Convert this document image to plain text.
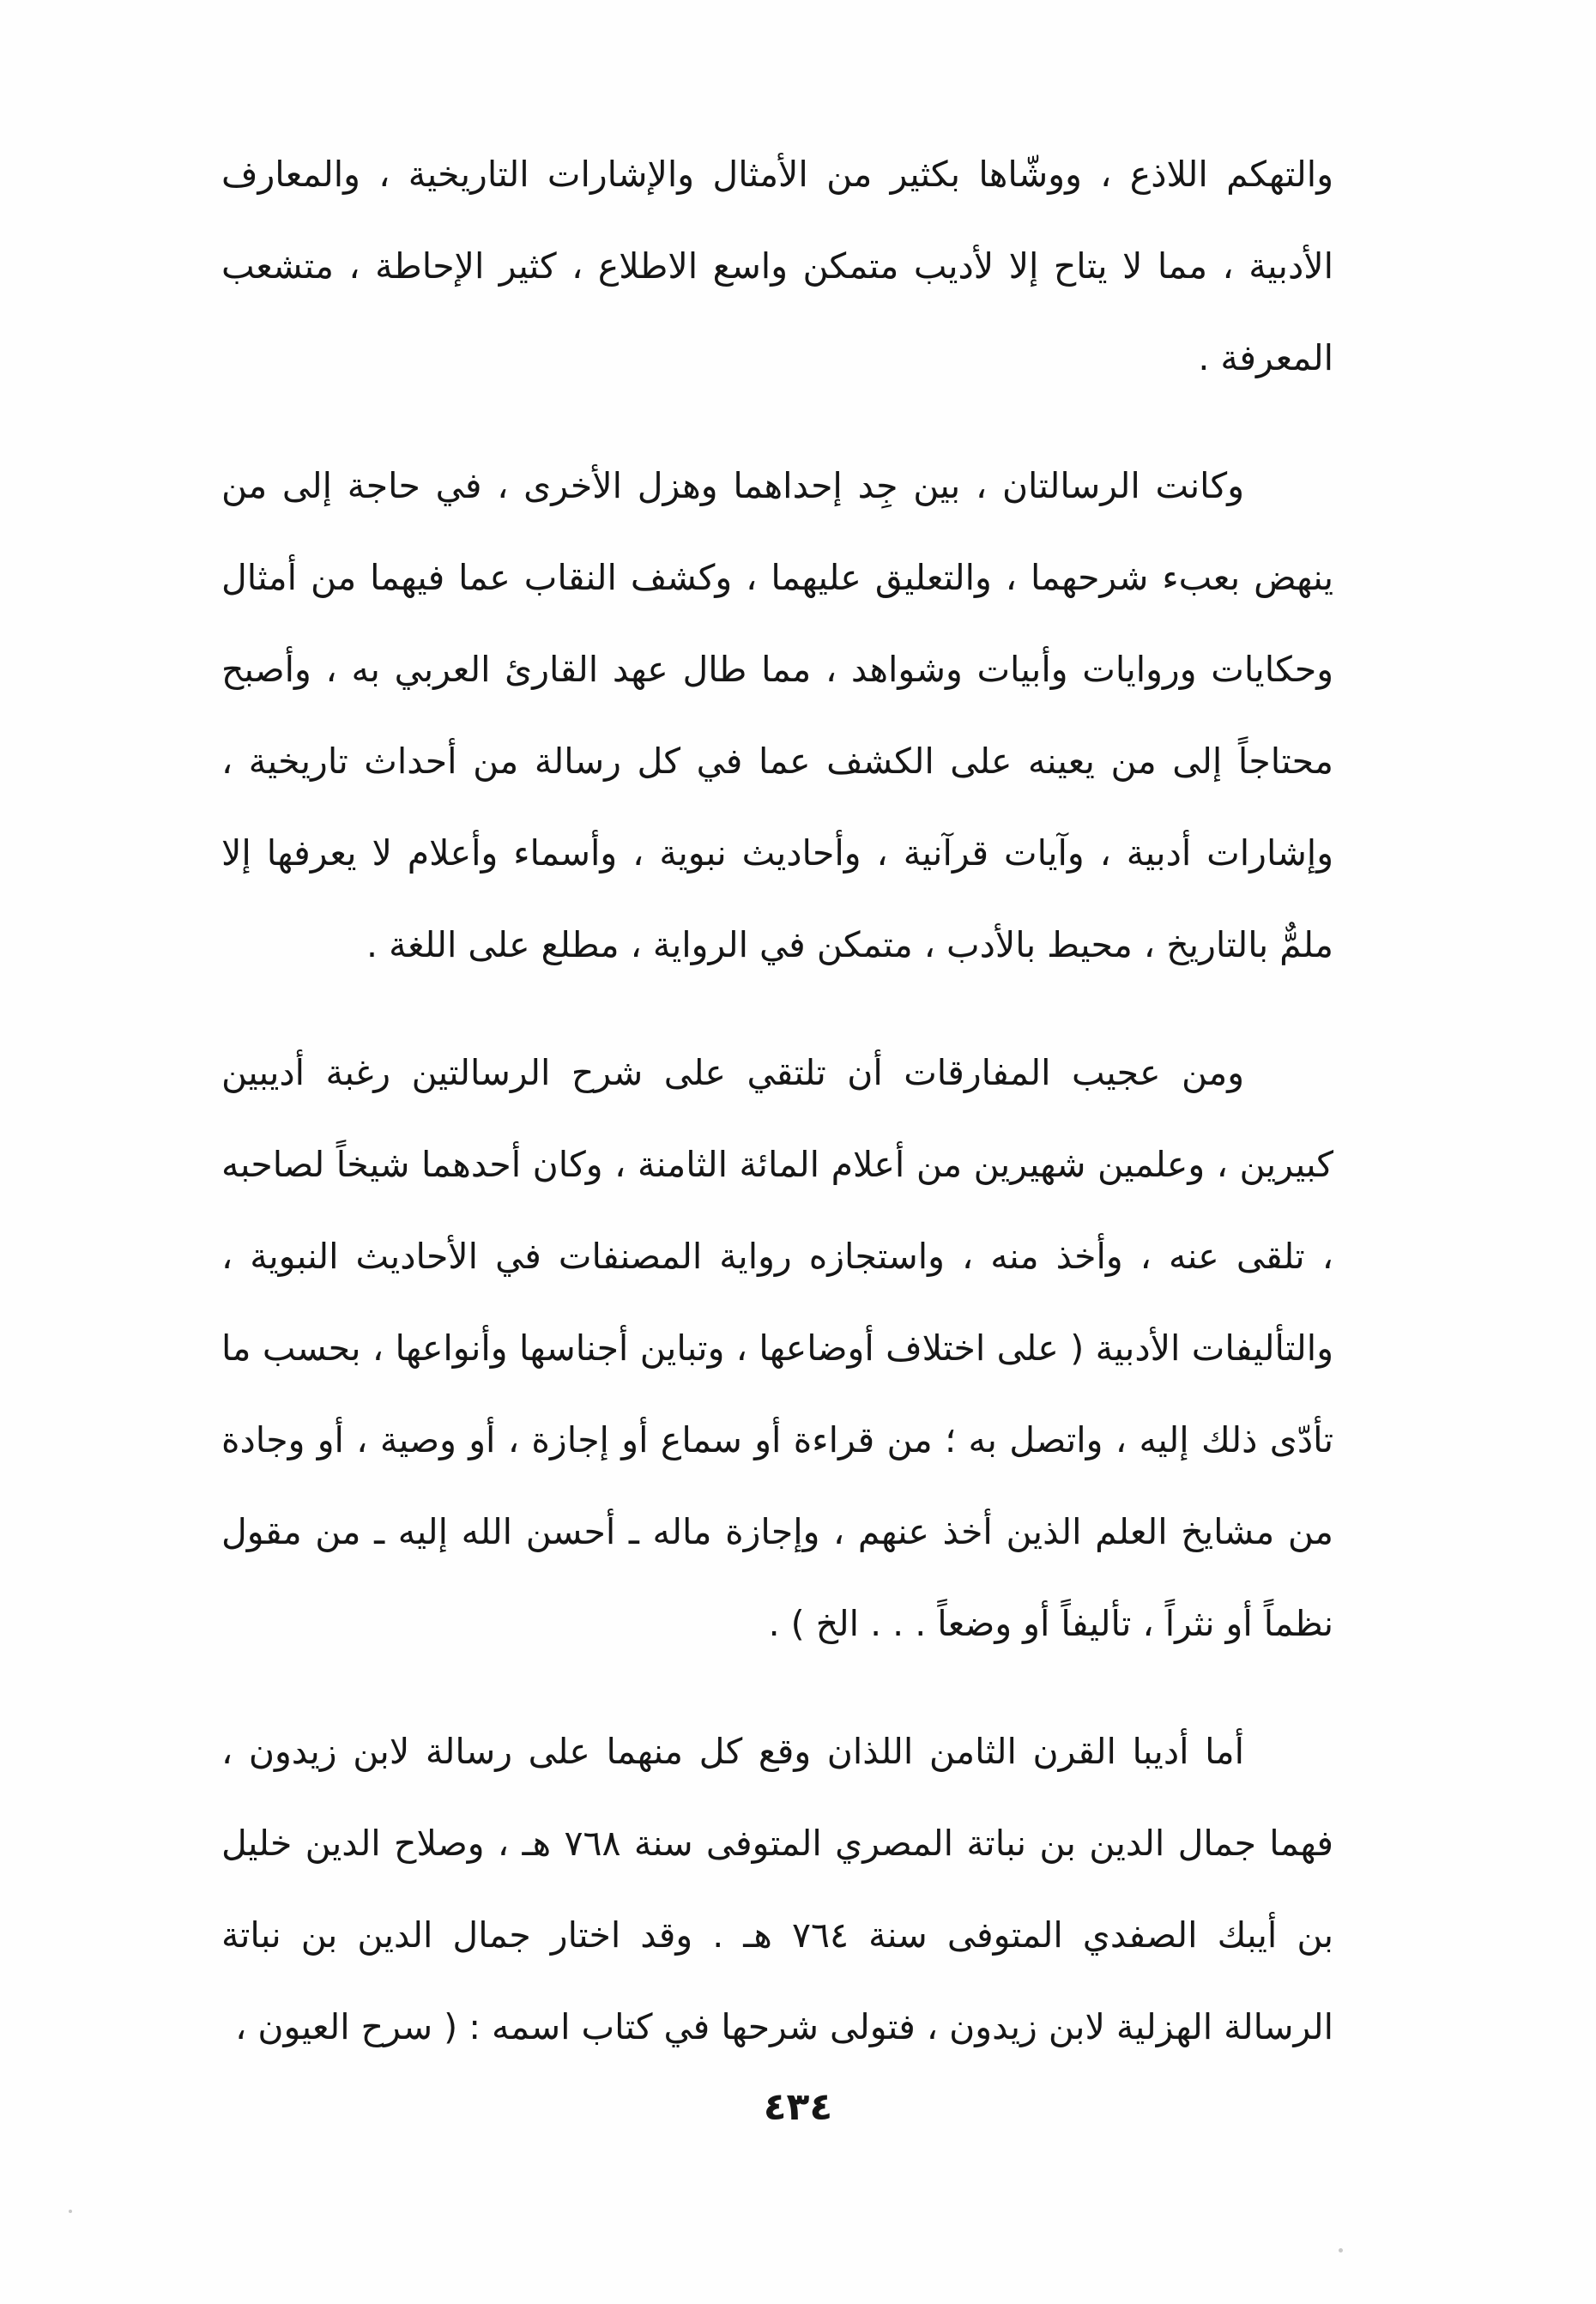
والتهكم اللاذع ، ووشّاها بكثير من الأمثال والإشارات التاريخية ، والمعارف الأدبية ، مما لا يتاح إلا لأديب متمكن واسع الاطلاع ، كثير الإحاطة ، متشعب المعرفة .

وكانت الرسالتان ، بين جِد إحداهما وهزل الأخرى ، في حاجة إلى من ينهض بعبء شرحهما ، والتعليق عليهما ، وكشف النقاب عما فيهما من أمثال وحكايات وروايات وأبيات وشواهد ، مما طال عهد القارئ العربي به ، وأصبح محتاجاً إلى من يعينه على الكشف عما في كل رسالة من أحداث تاريخية ، وإشارات أدبية ، وآيات قرآنية ، وأحاديث نبوية ، وأسماء وأعلام لا يعرفها إلا ملمٌّ بالتاريخ ، محيط بالأدب ، متمكن في الرواية ، مطلع على اللغة .

ومن عجيب المفارقات أن تلتقي على شرح الرسالتين رغبة أديبين كبيرين ، وعلمين شهيرين من أعلام المائة الثامنة ، وكان أحدهما شيخاً لصاحبه ، تلقى عنه ، وأخذ منه ، واستجازه رواية المصنفات في الأحاديث النبوية ، والتأليفات الأدبية ( على اختلاف أوضاعها ، وتباين أجناسها وأنواعها ، بحسب ما تأدّى ذلك إليه ، واتصل به ؛ من قراءة أو سماع أو إجازة ، أو وصية ، أو وجادة من مشايخ العلم الذين أخذ عنهم ، وإجازة ماله ـ أحسن الله إليه ـ من مقول نظماً أو نثراً ، تأليفاً أو وضعاً . . . الخ ) .

أما أديبا القرن الثامن اللذان وقع كل منهما على رسالة لابن زيدون ، فهما جمال الدين بن نباتة المصري المتوفى سنة ٧٦٨ هـ ، وصلاح الدين خليل بن أيبك الصفدي المتوفى سنة ٧٦٤ هـ . وقد اختار جمال الدين بن نباتة الرسالة الهزلية لابن زيدون ، فتولى شرحها في كتاب اسمه : ( سرح العيون ،

٤٣٤
